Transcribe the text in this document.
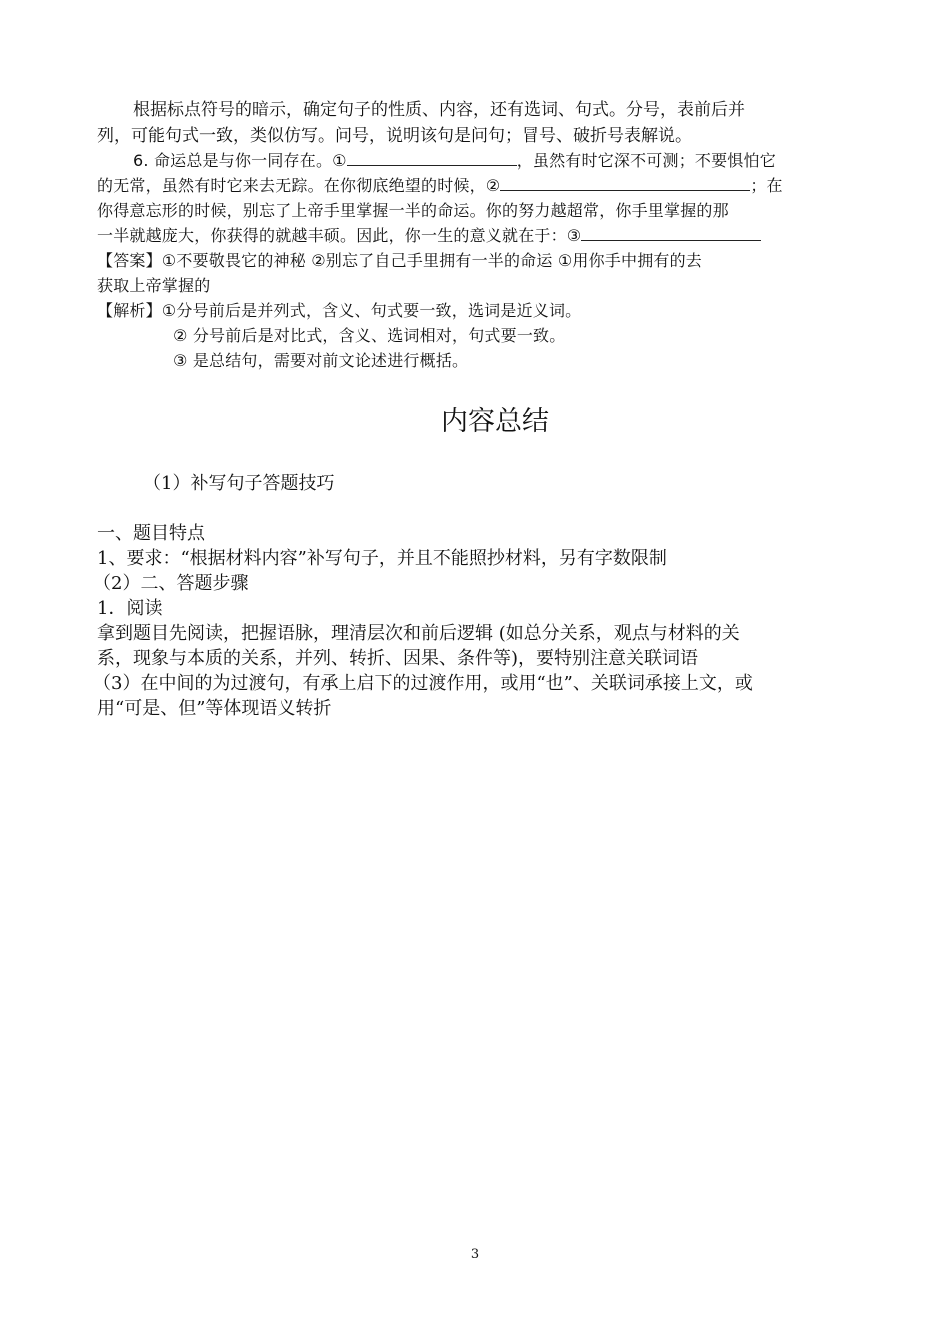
根据标点符号的暗示，确定句子的性质、内容，还有选词、句式。分号，表前后并
列，可能句式一致，类似仿写。问号，说明该句是问句；冒号、破折号表解说。
6. 命运总是与你一同存在。①	，虽然有时它深不可测；不要惧怕它
的无常，虽然有时它来去无踪。在你彻底绝望的时候，②	；在
你得意忘形的时候，别忘了上帝手里掌握一半的命运。你的努力越超常，你手里掌握的那
一半就越庞大，你获得的就越丰硕。因此，你一生的意义就在于：③
【答案】①不要敬畏它的神秘 ②别忘了自己手里拥有一半的命运 ①用你手中拥有的去
获取上帝掌握的
【解析】①分号前后是并列式，含义、句式要一致，选词是近义词。
② 分号前后是对比式，含义、选词相对，句式要一致。
③ 是总结句，需要对前文论述进行概括。
内容总结
（1）补写句子答题技巧
一、题目特点
1、要求：“根据材料内容”补写句子，并且不能照抄材料，另有字数限制
（2）二、答题步骤
1．阅读
拿到题目先阅读，把握语脉，理清层次和前后逻辑 (如总分关系，观点与材料的关
系，现象与本质的关系，并列、转折、因果、条件等)，要特别注意关联词语
（3）在中间的为过渡句，有承上启下的过渡作用，或用“也”、关联词承接上文，或
用“可是、但”等体现语义转折
3
